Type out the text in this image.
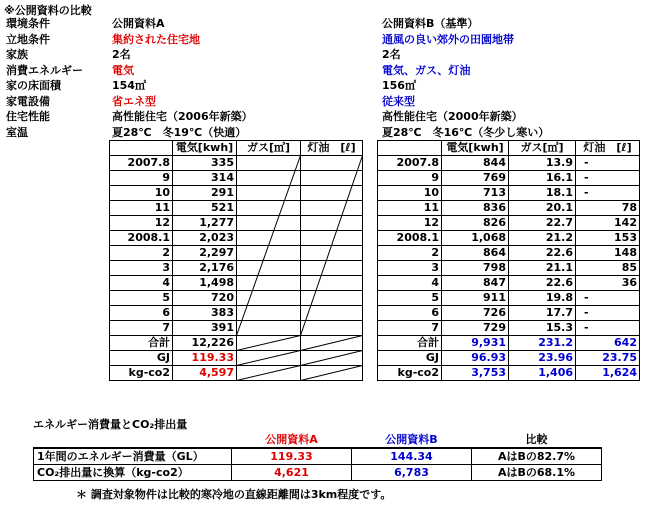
※公開資料の比較
環境条件	公開資料A	公開資料B（基準）
立地条件	集約された住宅地	通風の良い郊外の田園地帯
家族	2名	2名
消費エネルギー	電気	電気、ガス、灯油
家の床面積	154㎡	156㎡
家電設備	省エネ型	従来型
住宅性能	高性能住宅（2006年新築）	高性能住宅（2000年新築）
室温	夏28℃　冬19℃（快適）	夏28℃　冬16℃（冬少し寒い）
	電気[kwh]	ガス[㎥]	灯油　[ℓ]
2007.8	335		
9	314		
10	291		
11	521		
12	1,277		
2008.1	2,023		
2	2,297		
3	2,176		
4	1,498		
5	720		
6	383		
7	391		
合計	12,226		
GJ	119.33		
kg-co2	4,597		
	電気[kwh]	ガス[㎥]	灯油　[ℓ]
2007.8	844	13.9	-
9	769	16.1	-
10	713	18.1	-
11	836	20.1	78
12	826	22.7	142
2008.1	1,068	21.2	153
2	864	22.6	148
3	798	21.1	85
4	847	22.6	36
5	911	19.8	-
6	726	17.7	-
7	729	15.3	-
合計	9,931	231.2	642
GJ	96.93	23.96	23.75
kg-co2	3,753	1,406	1,624
エネルギー消費量とCO₂排出量
	公開資料A	公開資料B	比較
1年間のエネルギー消費量（GL）	119.33	144.34	AはBの82.7%
CO₂排出量に換算（kg-co2）	4,621	6,783	AはBの68.1%
＊ 調査対象物件は比較的寒冷地の直線距離間は3km程度です。
